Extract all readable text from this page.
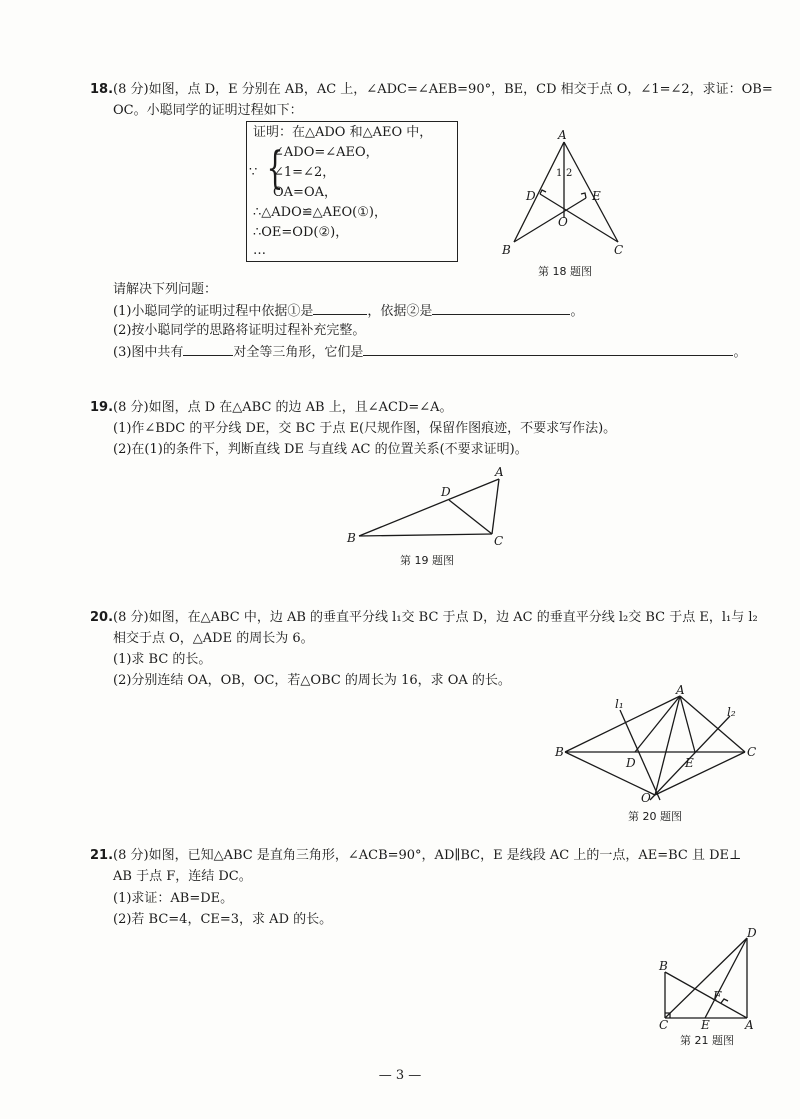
18.(8 分)如图，点 D，E 分别在 AB，AC 上，∠ADC=∠AEB=90°，BE，CD 相交于点 O，∠1=∠2，求证：OB=
OC。小聪同学的证明过程如下：
证明：在△ADO 和△AEO 中，
∠ADO=∠AEO，
∵ {
∠1=∠2，
OA=OA，
∴△ADO≌△AEO(①)，
∴OE=OD(②)，
…
A
B	C
D	E
O
1 2
第 18 题图
请解决下列问题：
(1)小聪同学的证明过程中依据①是	，依据②是	。
(2)按小聪同学的思路将证明过程补充完整。
(3)图中共有	对全等三角形，它们是	。
19.(8 分)如图，点 D 在△ABC 的边 AB 上，且∠ACD=∠A。
(1)作∠BDC 的平分线 DE，交 BC 于点 E(尺规作图，保留作图痕迹，不要求写作法)。
(2)在(1)的条件下，判断直线 DE 与直线 AC 的位置关系(不要求证明)。
A
B	C
D
第 19 题图
20.(8 分)如图，在△ABC 中，边 AB 的垂直平分线 l₁交 BC 于点 D，边 AC 的垂直平分线 l₂交 BC 于点 E，l₁与 l₂
相交于点 O，△ADE 的周长为 6。
(1)求 BC 的长。
(2)分别连结 OA，OB，OC，若△OBC 的周长为 16，求 OA 的长。
A
B	C
D	E
O
l₁
l₂
第 20 题图
21.(8 分)如图，已知△ABC 是直角三角形，∠ACB=90°，AD∥BC，E 是线段 AC 上的一点，AE=BC 且 DE⊥
AB 于点 F，连结 DC。
(1)求证：AB=DE。
(2)若 BC=4，CE=3，求 AD 的长。
D
B
F
C	E	A
第 21 题图
— 3 —
